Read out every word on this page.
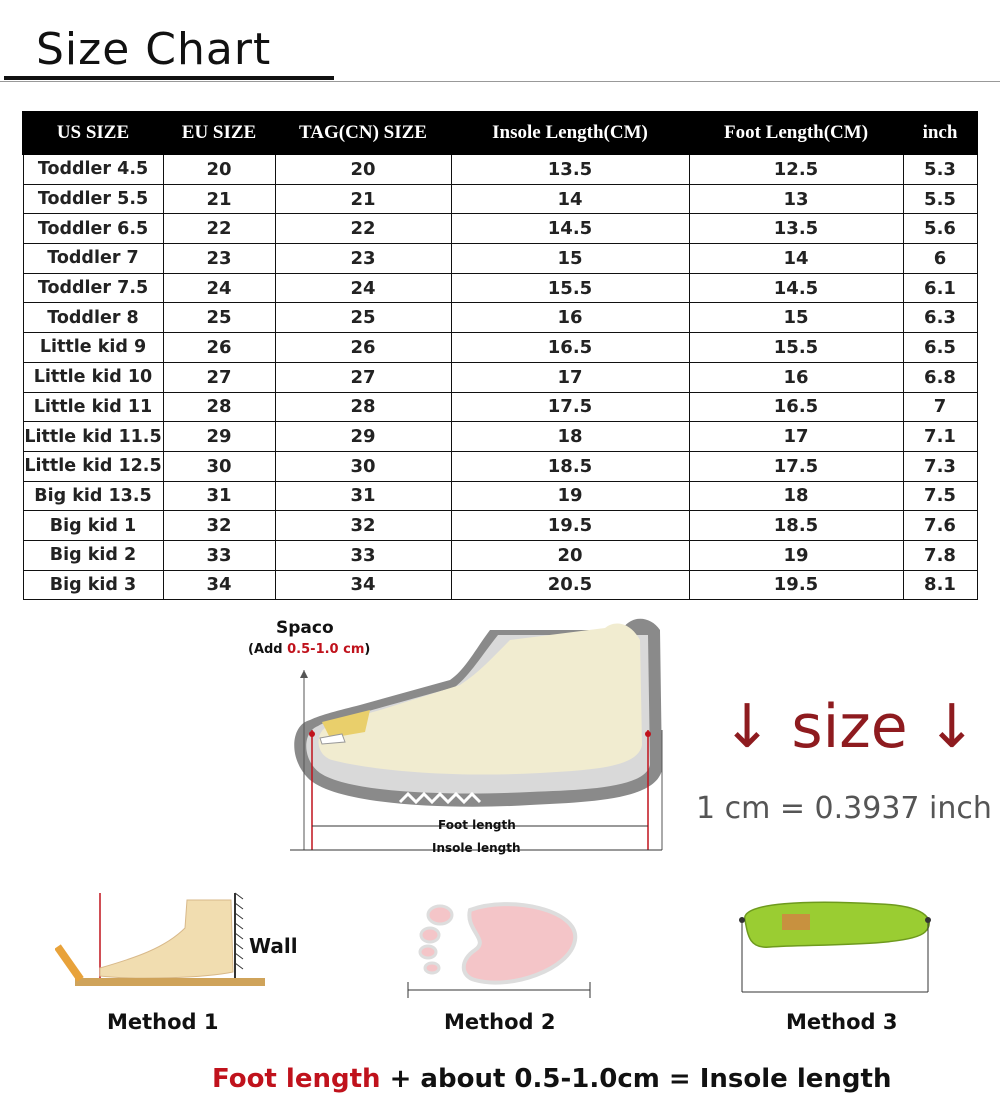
Size Chart
US SIZE	EU SIZE	TAG(CN) SIZE	Insole Length(CM)	Foot Length(CM)	inch
Toddler 4.5	20	20	13.5	12.5	5.3
Toddler 5.5	21	21	14	13	5.5
Toddler 6.5	22	22	14.5	13.5	5.6
Toddler 7	23	23	15	14	6
Toddler 7.5	24	24	15.5	14.5	6.1
Toddler 8	25	25	16	15	6.3
Little kid 9	26	26	16.5	15.5	6.5
Little kid 10	27	27	17	16	6.8
Little kid 11	28	28	17.5	16.5	7
Little kid 11.5	29	29	18	17	7.1
Little kid 12.5	30	30	18.5	17.5	7.3
Big kid 13.5	31	31	19	18	7.5
Big kid 1	32	32	19.5	18.5	7.6
Big kid 2	33	33	20	19	7.8
Big kid 3	34	34	20.5	19.5	8.1
Spaco
(Add 0.5-1.0 cm)
Foot length
Insole length
↓ size ↓
1 cm = 0.3937 inch
Wall
Method 1	Method 2	Method 3
Foot length + about 0.5-1.0cm = Insole length
